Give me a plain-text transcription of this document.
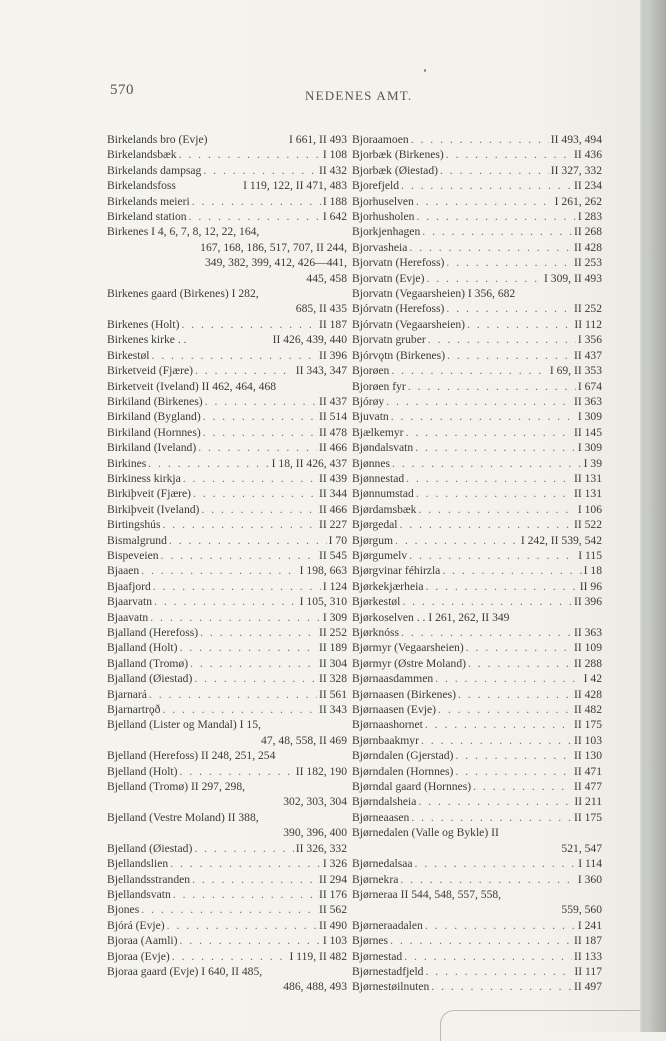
570	NEDENES AMT.
Birkelands bro (Evje)	I 661, II 493
Birkelandsbæk . . .	I 108
Birkelands dampsag . . .	II 432
Birkelandsfoss	I 119, 122, II 471, 483
Birkelands meieri . . .	I 188
Birkeland station . . .	I 642
Birkenes I 4, 6, 7, 8, 12, 22, 164,
167, 168, 186, 517, 707, II 244,
349, 382, 399, 412, 426—441,
445, 458
Birkenes gaard (Birkenes) I 282,
685, II 435
Birkenes (Holt) . . .	II 187
Birkenes kirke . .	II 426, 439, 440
Birkestøl . . .	II 396
Birketveid (Fjære) . . .	II 343, 347
Birketveit (Iveland) II 462, 464, 468
Birkiland (Birkenes) . . .	II 437
Birkiland (Bygland) . . .	II 514
Birkiland (Hornnes) . . .	II 478
Birkiland (Iveland) . . .	II 466
Birkines . . .	I 18, II 426, 437
Birkiness kirkja . . .	II 439
Birkiþveit (Fjære) . . .	II 344
Birkiþveit (Iveland) . . .	II 466
Birtingshús . . .	II 227
Bismalgrund . . .	I 70
Bispeveien . . .	II 545
Bjaaen . . .	I 198, 663
Bjaafjord . . .	I 124
Bjaarvatn . . .	I 105, 310
Bjaavatn . . .	I 309
Bjalland (Herefoss) . . .	II 252
Bjalland (Holt) . . .	II 189
Bjalland (Tromø) . . .	II 304
Bjalland (Øiestad) . . .	II 328
Bjarnará . . .	II 561
Bjarnartrǫð . . .	II 343
Bjelland (Lister og Mandal) I 15,
47, 48, 558, II 469
Bjelland (Herefoss) II 248, 251, 254
Bjelland (Holt) . . .	II 182, 190
Bjelland (Tromø) II 297, 298,
302, 303, 304
Bjelland (Vestre Moland) II 388,
390, 396, 400
Bjelland (Øiestad) . . .	II 326, 332
Bjellandslien . . .	I 326
Bjellandsstranden . . .	II 294
Bjellandsvatn . . .	II 176
Bjones . . .	II 562
Bjórá (Evje) . . .	II 490
Bjoraa (Aamli) . . .	I 103
Bjoraa (Evje) . . .	I 119, II 482
Bjoraa gaard (Evje) I 640, II 485,
486, 488, 493
Bjoraamoen . . .	II 493, 494
Bjorbæk (Birkenes) . . .	II 436
Bjorbæk (Øiestad) . . .	II 327, 332
Bjorefjeld . . .	II 234
Bjorhuselven . . .	I 261, 262
Bjorhusholen . . .	I 283
Bjorkjenhagen . . .	II 268
Bjorvasheia . . .	II 428
Bjorvatn (Herefoss) . . .	II 253
Bjorvatn (Evje) . . .	I 309, II 493
Bjorvatn (Vegaarsheien) I 356, 682
Bjórvatn (Herefoss) . . .	II 252
Bjórvatn (Vegaarsheien) . . .	II 112
Bjorvatn gruber . . .	I 356
Bjórvǫtn (Birkenes) . . .	II 437
Bjorøen . . .	I 69, II 353
Bjorøen fyr . . .	I 674
Bjórøy . . .	II 363
Bjuvatn . . .	I 309
Bjælkemyr . . .	II 145
Bjøndalsvatn . . .	I 309
Bjønnes . . .	I 39
Bjønnestad . . .	II 131
Bjønnumstad . . .	II 131
Bjørdamsbæk . . .	I 106
Bjørgedal . . .	II 522
Bjørgum . . .	I 242, II 539, 542
Bjørgumelv . . .	I 115
Bjørgvinar féhirzla . . .	I 18
Bjørkekjærheia . . .	II 96
Bjørkestøl . . .	II 396
Bjørkoselven . . I 261, 262, II 349
Bjørknóss . . .	II 363
Bjørmyr (Vegaarsheien) . . .	II 109
Bjørmyr (Østre Moland) . . .	II 288
Bjørnaasdammen . . .	I 42
Bjørnaasen (Birkenes) . . .	II 428
Bjørnaasen (Evje) . . .	II 482
Bjørnaashornet . . .	II 175
Bjørnbaakmyr . . .	II 103
Bjørndalen (Gjerstad) . . .	II 130
Bjørndalen (Hornnes) . . .	II 471
Bjørndal gaard (Hornnes) . . .	II 477
Bjørndalsheia . . .	II 211
Bjørneaasen . . .	II 175
Bjørnedalen (Valle og Bykle) II
521, 547
Bjørnedalsaa . . .	I 114
Bjørnekra . . .	I 360
Bjørneraa II 544, 548, 557, 558,
559, 560
Bjørneraadalen . . .	I 241
Bjørnes . . .	II 187
Bjørnestad . . .	II 133
Bjørnestadfjeld . . .	II 117
Bjørnestøilnuten . . .	II 497
